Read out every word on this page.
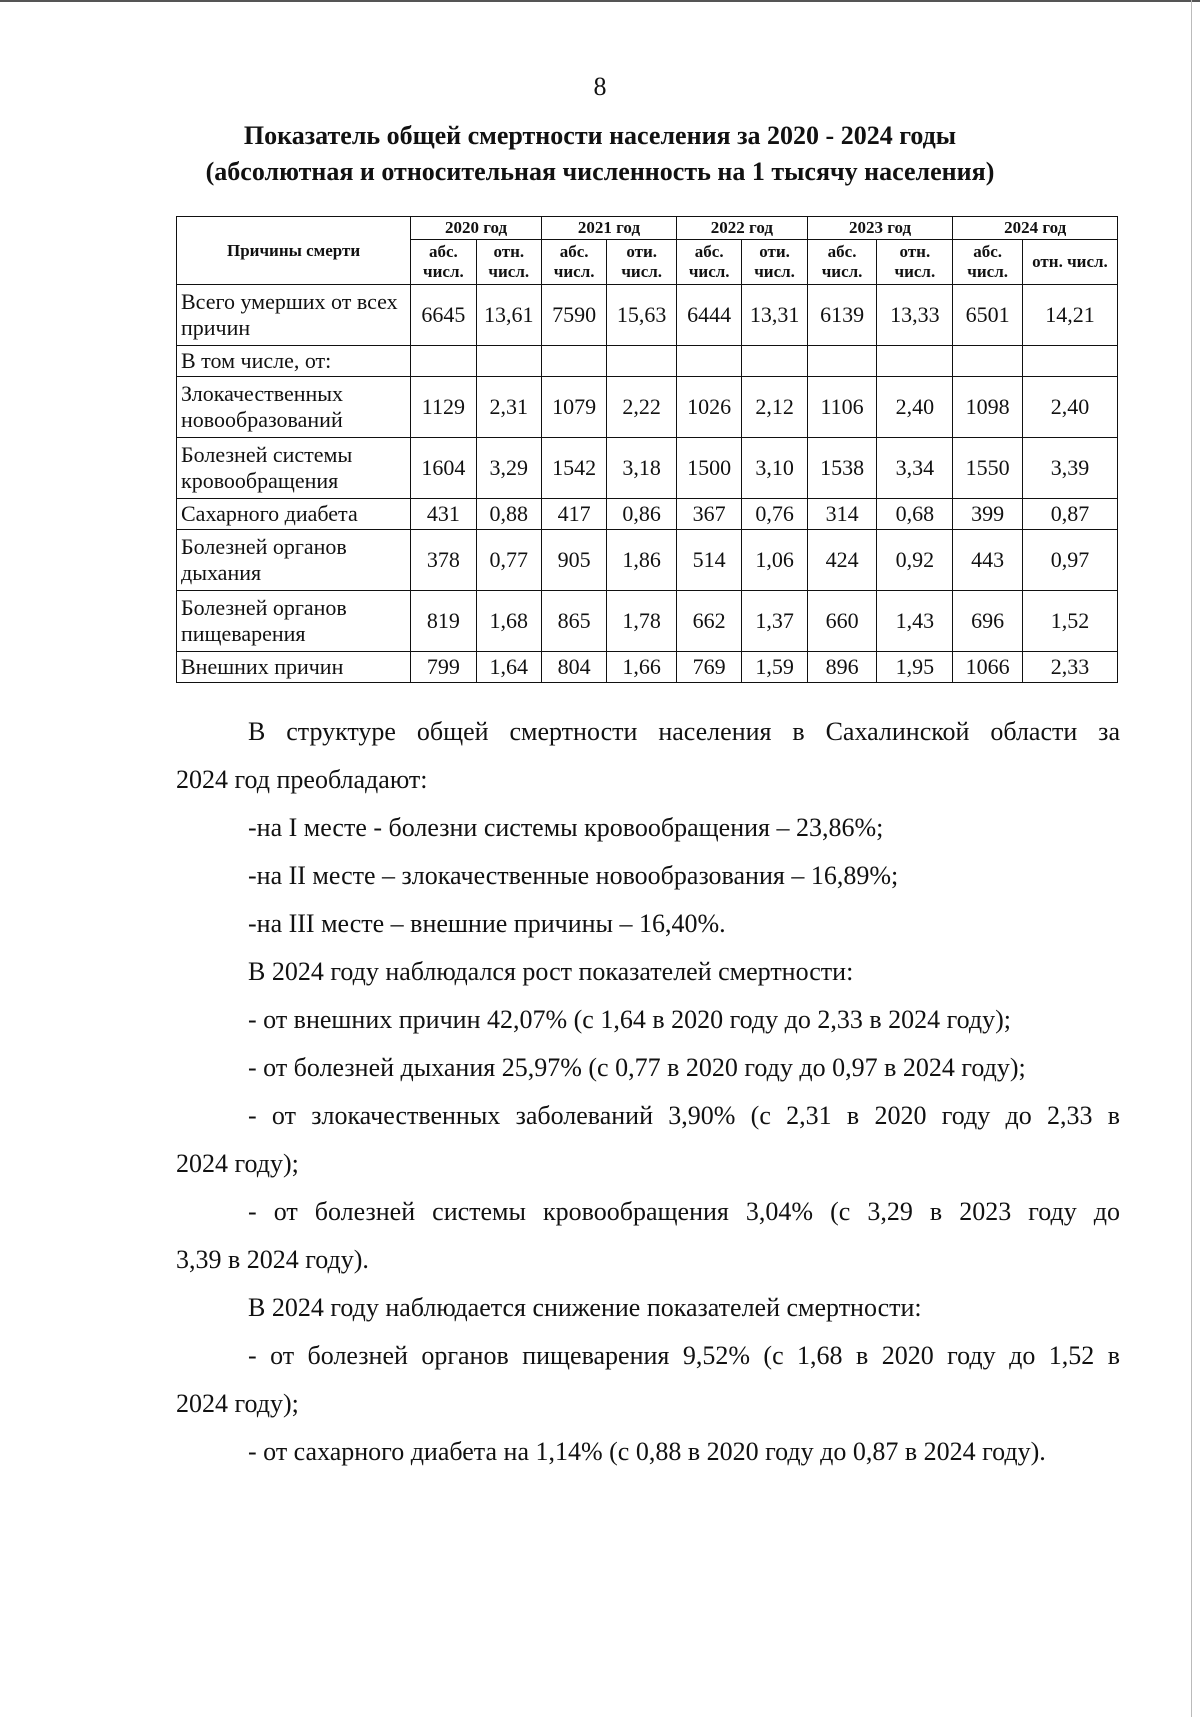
8
Показатель общей смертности населения за 2020 - 2024 годы
(абсолютная и относительная численность на 1 тысячу населения)
Причины смерти	2020 год		2021 год		2022 год		2023 год		2024 год	
	абс. числ.	отн. числ.	абс. числ.	оти. числ.	абс. числ.	оти. числ.	абс. числ.	отн. числ.	абс. числ.	отн. числ.
Всего умерших от всех причин	6645	13,61	7590	15,63	6444	13,31	6139	13,33	6501	14,21
В том числе, от:										
Злокачественных новообразований	1129	2,31	1079	2,22	1026	2,12	1106	2,40	1098	2,40
Болезней системы кровообращения	1604	3,29	1542	3,18	1500	3,10	1538	3,34	1550	3,39
Сахарного диабета	431	0,88	417	0,86	367	0,76	314	0,68	399	0,87
Болезней органов дыхания	378	0,77	905	1,86	514	1,06	424	0,92	443	0,97
Болезней органов пищеварения	819	1,68	865	1,78	662	1,37	660	1,43	696	1,52
Внешних причин	799	1,64	804	1,66	769	1,59	896	1,95	1066	2,33
В структуре общей смертности населения в Сахалинской области за
2024 год преобладают:
-на I месте - болезни системы кровообращения – 23,86%;
-на II месте – злокачественные новообразования – 16,89%;
-на III месте – внешние причины – 16,40%.
В 2024 году наблюдался рост показателей смертности:
- от внешних причин 42,07% (с 1,64 в 2020 году до 2,33 в 2024 году);
- от болезней дыхания 25,97% (с 0,77 в 2020 году до 0,97 в 2024 году);
- от злокачественных заболеваний 3,90% (с 2,31 в 2020 году до 2,33 в
2024 году);
- от болезней системы кровообращения 3,04% (с 3,29 в 2023 году до
3,39 в 2024 году).
В 2024 году наблюдается снижение показателей смертности:
- от болезней органов пищеварения 9,52% (с 1,68 в 2020 году до 1,52 в
2024 году);
- от сахарного диабета на 1,14% (с 0,88 в 2020 году до 0,87 в 2024 году).
